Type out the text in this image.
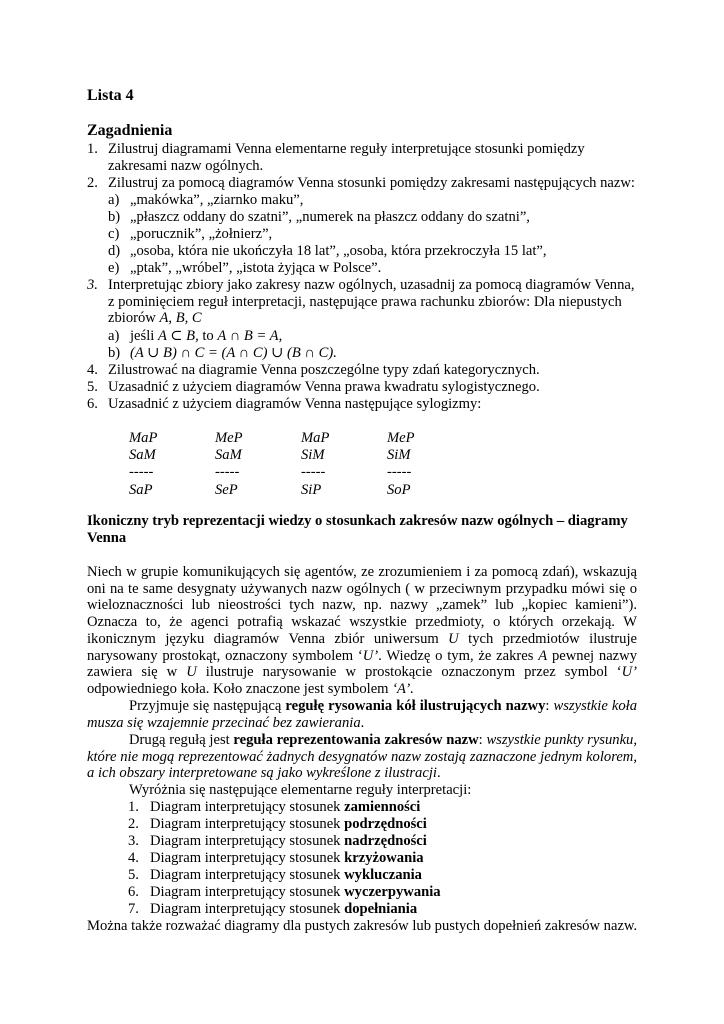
Lista 4
Zagadnienia
1. Zilustruj diagramami Venna elementarne reguły interpretujące stosunki pomiędzy
zakresami nazw ogólnych.
2. Zilustruj za pomocą diagramów Venna stosunki pomiędzy zakresami następujących nazw:
a) „makówka”, „ziarnko maku”,
b) „płaszcz oddany do szatni”, „numerek na płaszcz oddany do szatni”,
c) „porucznik”, „żołnierz”,
d) „osoba, która nie ukończyła 18 lat”, „osoba, która przekroczyła 15 lat”,
e) „ptak”, „wróbel”, „istota żyjąca w Polsce”.
3. Interpretując zbiory jako zakresy nazw ogólnych, uzasadnij za pomocą diagramów Venna,
z pominięciem reguł interpretacji, następujące prawa rachunku zbiorów: Dla niepustych
zbiorów A, B, C
a) jeśli A ⊂ B, to A ∩ B = A,
b) (A ∪ B) ∩ C = (A ∩ C) ∪ (B ∩ C).
4. Zilustrować na diagramie Venna poszczególne typy zdań kategorycznych.
5. Uzasadnić z użyciem diagramów Venna prawa kwadratu sylogistycznego.
6. Uzasadnić z użyciem diagramów Venna następujące sylogizmy:
MaP
SaM
-----
SaP
MeP
SaM
-----
SeP
MaP
SiM
-----
SiP
MeP
SiM
-----
SoP
Ikoniczny tryb reprezentacji wiedzy o stosunkach zakresów nazw ogólnych – diagramy
Venna

Niech w grupie komunikujących się agentów, ze zrozumieniem i za pomocą zdań), wskazują oni na te same desygnaty używanych nazw ogólnych ( w przeciwnym przypadku mówi się o wieloznaczności lub nieostrości tych nazw, np. nazwy „zamek” lub „kopiec kamieni”). Oznacza to, że agenci potrafią wskazać wszystkie przedmioty, o których orzekają. W ikonicznym języku diagramów Venna zbiór uniwersum U tych przedmiotów ilustruje narysowany prostokąt, oznaczony symbolem ‘U’. Wiedzę o tym, że zakres A pewnej nazwy zawiera się w U ilustruje narysowanie w prostokącie oznaczonym przez symbol ‘U’ odpowiedniego koła. Koło znaczone jest symbolem ‘A’.

Przyjmuje się następującą regułę rysowania kół ilustrujących nazwy: wszystkie koła musza się wzajemnie przecinać bez zawierania.

Drugą regułą jest reguła reprezentowania zakresów nazw: wszystkie punkty rysunku, które nie mogą reprezentować żadnych desygnatów nazw zostają zaznaczone jednym kolorem, a ich obszary interpretowane są jako wykreślone z ilustracji.

Wyróżnia się następujące elementarne reguły interpretacji:

1. Diagram interpretujący stosunek zamienności
2. Diagram interpretujący stosunek podrzędności
3. Diagram interpretujący stosunek nadrzędności
4. Diagram interpretujący stosunek krzyżowania
5. Diagram interpretujący stosunek wykluczania
6. Diagram interpretujący stosunek wyczerpywania
7. Diagram interpretujący stosunek dopełniania
Można także rozważać diagramy dla pustych zakresów lub pustych dopełnień zakresów nazw.
